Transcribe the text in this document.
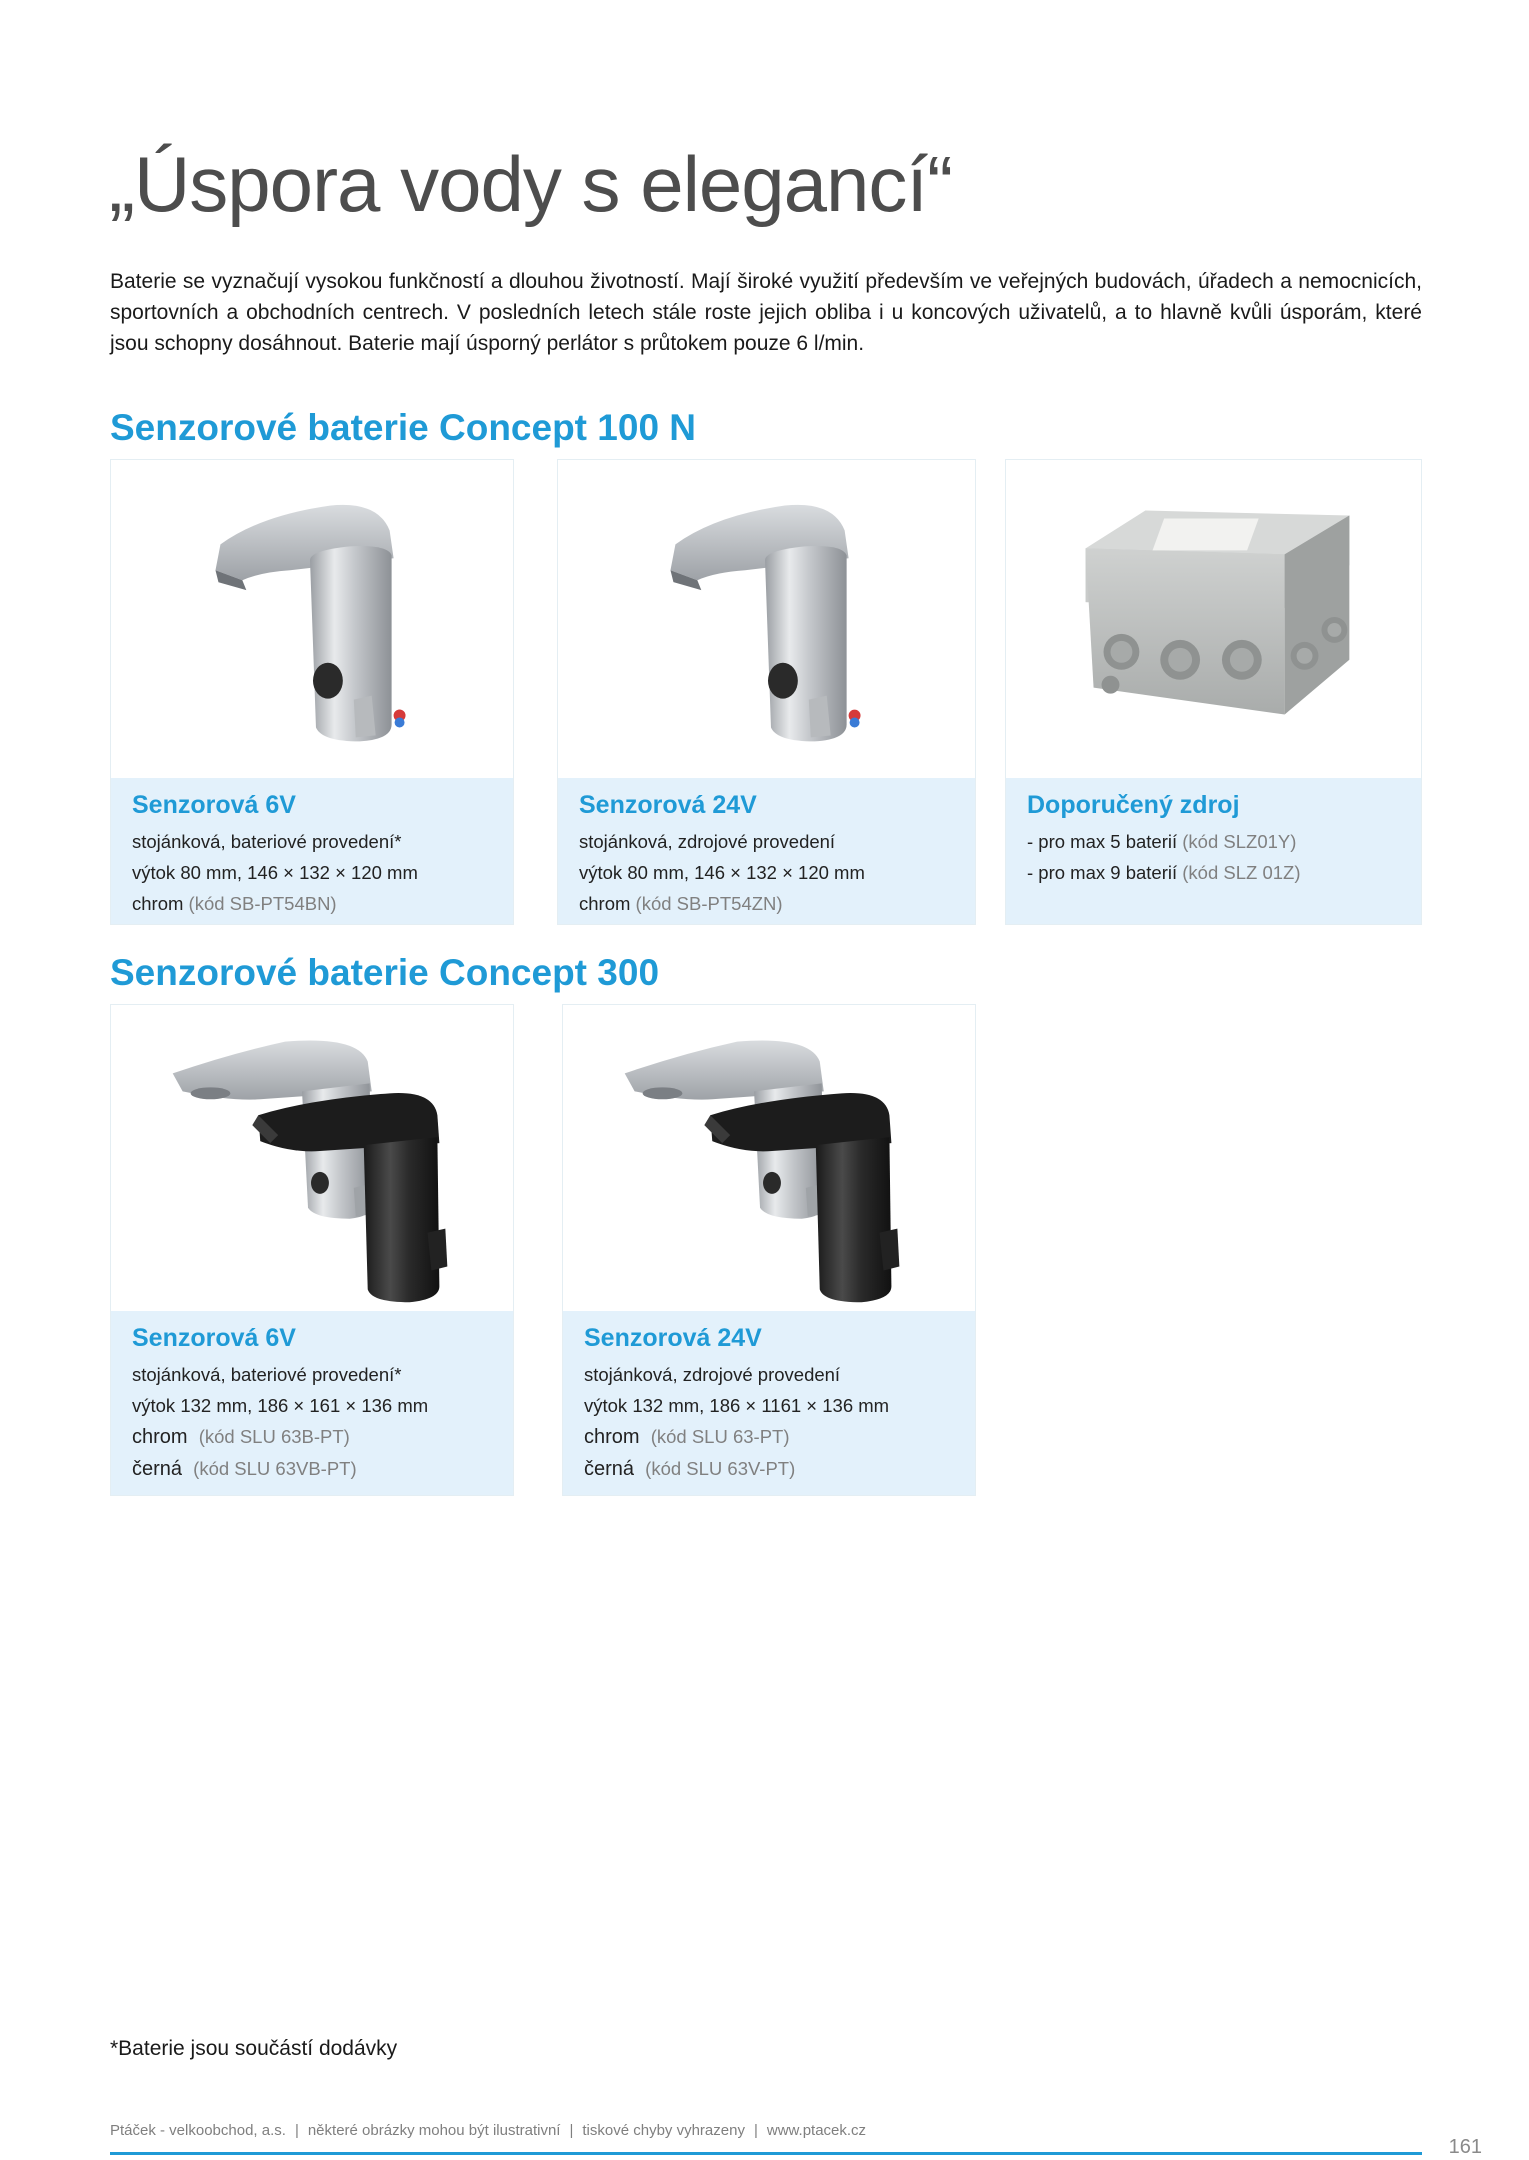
„Úspora vody s elegancí“

Baterie se vyznačují vysokou funkčností a dlouhou životností. Mají široké využití především ve veřejných budovách, úřadech a nemocnicích, sportovních a obchodních centrech. V posledních letech stále roste jejich obliba i u koncových uživatelů, a to hlavně kvůli úsporám, které jsou schopny dosáhnout. Baterie mají úsporný perlátor s průtokem pouze 6 l/min.

Senzorové baterie Concept 100 N
Senzorová 6V
stojánková, bateriové provedení*
výtok 80 mm, 146 × 132 × 120 mm
chrom (kód SB-PT54BN)
Senzorová 24V
stojánková, zdrojové provedení
výtok 80 mm, 146 × 132 × 120 mm
chrom (kód SB-PT54ZN)
Doporučený zdroj
- pro max 5 baterií (kód SLZ01Y)
- pro max 9 baterií (kód SLZ 01Z)
Senzorové baterie Concept 300
Senzorová 6V
stojánková, bateriové provedení*
výtok 132 mm, 186 × 161 × 136 mm
chrom (kód SLU 63B-PT)
černá (kód SLU 63VB-PT)
Senzorová 24V
stojánková, zdrojové provedení
výtok 132 mm, 186 × 1161 × 136 mm
chrom (kód SLU 63-PT)
černá (kód SLU 63V-PT)
*Baterie jsou součástí dodávky
Ptáček - velkoobchod, a.s. | některé obrázky mohou být ilustrativní | tiskové chyby vyhrazeny | www.ptacek.cz
161
